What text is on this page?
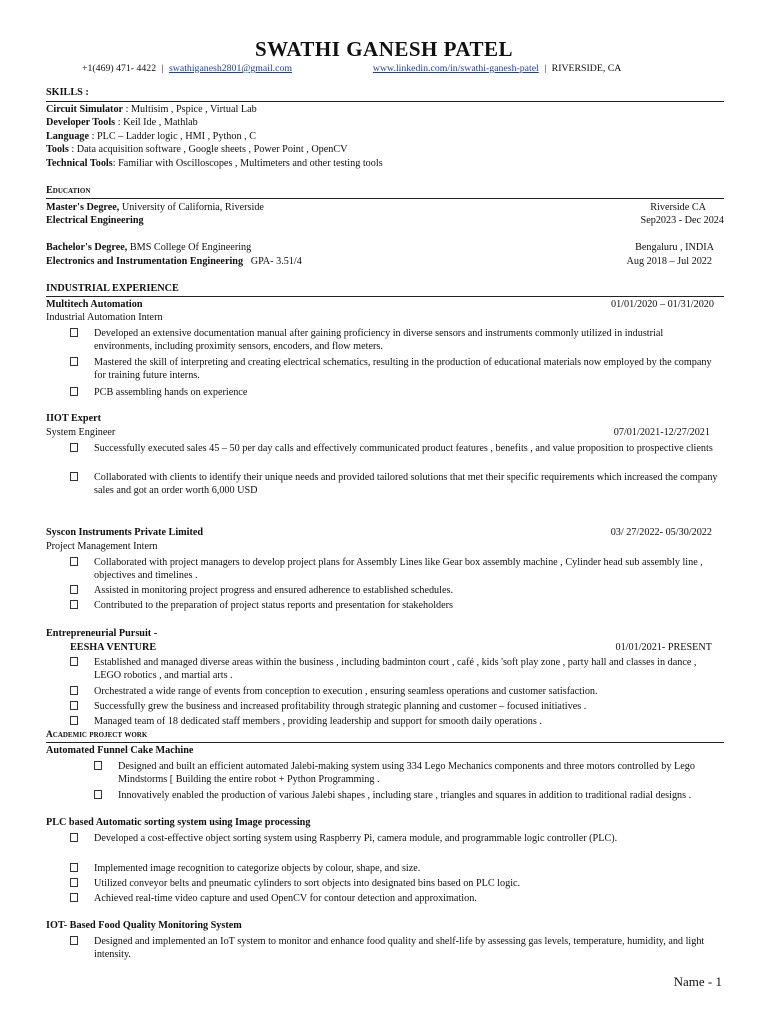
SWATHI GANESH PATEL
+1(469) 471- 4422 | swathiganesh2801@gmail.com	www.linkedin.com/in/swathi-ganesh-patel | RIVERSIDE, CA
SKILLS :
Circuit Simulator : Multisim , Pspice , Virtual Lab
Developer Tools : Keil Ide , Mathlab
Language : PLC – Ladder logic , HMI , Python , C
Tools : Data acquisition software , Google sheets , Power Point , OpenCV
Technical Tools: Familiar with Oscilloscopes , Multimeters and other testing tools
Education
Master's Degree, University of California, Riverside	Riverside CA
Electrical Engineering	Sep2023 - Dec 2024
Bachelor's Degree, BMS College Of Engineering	Bengaluru , INDIA
Electronics and Instrumentation Engineering   GPA- 3.51/4	Aug 2018 – Jul 2022
INDUSTRIAL EXPERIENCE
Multitech Automation	01/01/2020 – 01/31/2020
Industrial Automation Intern
Developed an extensive documentation manual after gaining proficiency in diverse sensors and instruments commonly utilized in industrial environments, including proximity sensors, encoders, and flow meters.
Mastered the skill of interpreting and creating electrical schematics, resulting in the production of educational materials now employed by the company for training future interns.
PCB assembling hands on experience
IIOT Expert
System Engineer	07/01/2021-12/27/2021
Successfully executed sales 45 – 50 per day calls and effectively communicated product features , benefits , and value proposition to prospective clients
Collaborated with clients to identify their unique needs and provided tailored solutions that met their specific requirements which increased the company sales and got an order worth 6,000 USD
Syscon Instruments Private Limited	03/ 27/2022- 05/30/2022
Project Management Intern
Collaborated with project managers to develop project plans for Assembly Lines like Gear box assembly machine , Cylinder head sub assembly line , objectives and timelines .
Assisted in monitoring project progress and ensured adherence to established schedules.
Contributed to the preparation of project status reports and presentation for stakeholders
Entrepreneurial Pursuit -
EESHA VENTURE	01/01/2021- PRESENT
Established and managed diverse areas within the business , including badminton court , café , kids 'soft play zone , party hall and classes in dance , LEGO robotics , and martial arts .
Orchestrated a wide range of events from conception to execution , ensuring seamless operations and customer satisfaction.
Successfully grew the business and increased profitability through strategic planning and customer – focused initiatives .
Managed team of 18 dedicated staff members , providing leadership and support for smooth daily operations .
Academic project work
Automated Funnel Cake Machine
Designed and built an efficient automated Jalebi-making system using 334 Lego Mechanics components and three motors controlled by Lego Mindstorms [ Building the entire robot + Python Programming .
Innovatively enabled the production of various Jalebi shapes , including stare , triangles and squares in addition to traditional radial designs .
PLC based Automatic sorting system using Image processing
Developed a cost-effective object sorting system using Raspberry Pi, camera module, and programmable logic controller (PLC).
Implemented image recognition to categorize objects by colour, shape, and size.
Utilized conveyor belts and pneumatic cylinders to sort objects into designated bins based on PLC logic.
Achieved real-time video capture and used OpenCV for contour detection and approximation.
IOT- Based Food Quality Monitoring System
Designed and implemented an IoT system to monitor and enhance food quality and shelf-life by assessing gas levels, temperature, humidity, and light intensity.
Name - 1
